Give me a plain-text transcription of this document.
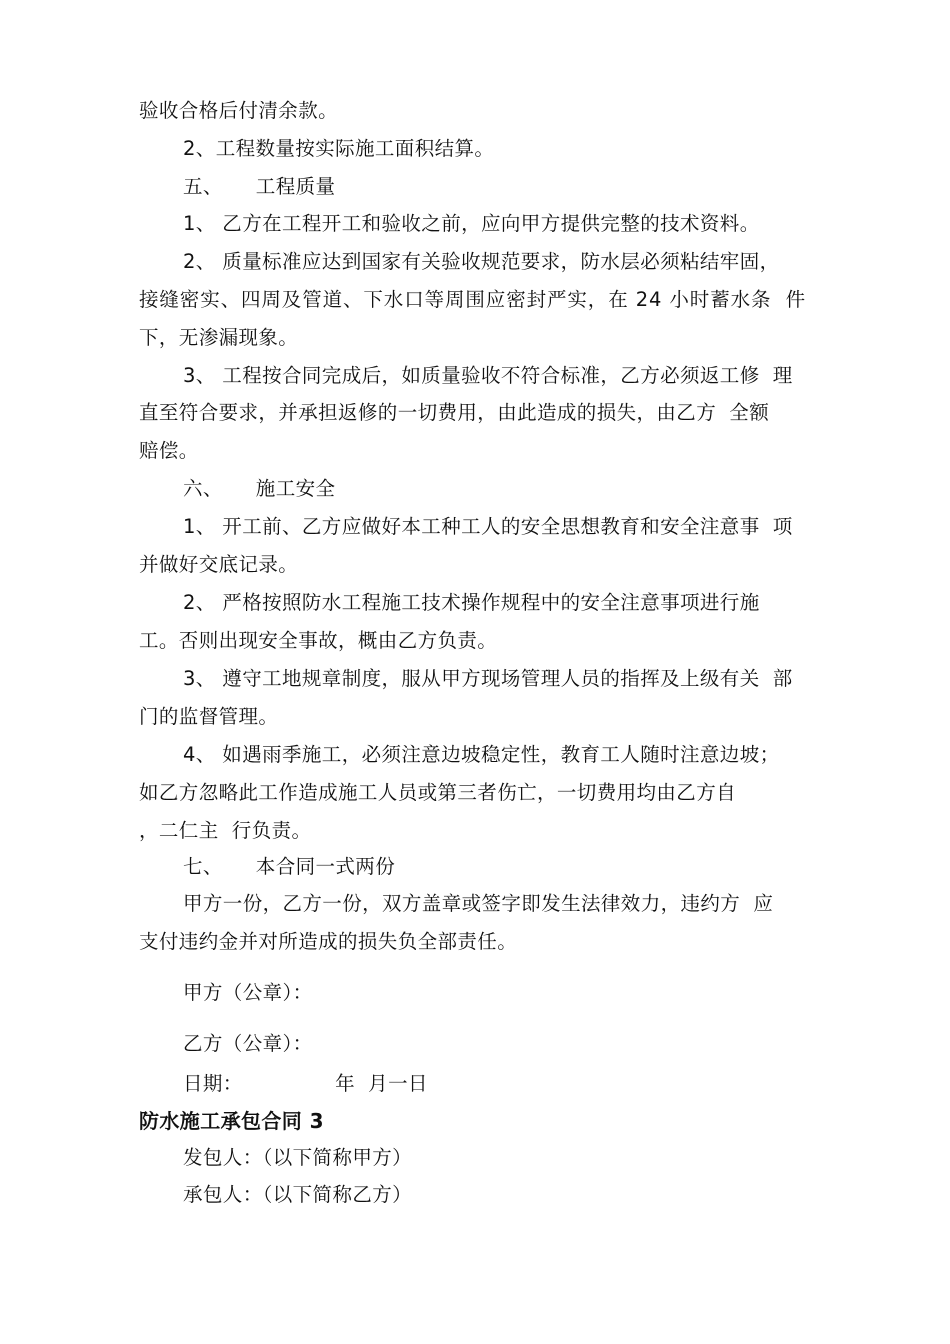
验收合格后付清余款。
2、工程数量按实际施工面积结算。
五、     工程质量
1、 乙方在工程开工和验收之前，应向甲方提供完整的技术资料。
2、 质量标准应达到国家有关验收规范要求，防水层必须粘结牢固，
接缝密实、四周及管道、下水口等周围应密封严实，在 24 小时蓄水条  件
下，无渗漏现象。
3、 工程按合同完成后，如质量验收不符合标准，乙方必须返工修  理
直至符合要求，并承担返修的一切费用，由此造成的损失，由乙方  全额
赔偿。
六、     施工安全
1、 开工前、乙方应做好本工种工人的安全思想教育和安全注意事  项
并做好交底记录。
2、 严格按照防水工程施工技术操作规程中的安全注意事项进行施
工。否则出现安全事故，概由乙方负责。
3、 遵守工地规章制度，服从甲方现场管理人员的指挥及上级有关  部
门的监督管理。
4、 如遇雨季施工，必须注意边坡稳定性，教育工人随时注意边坡；
如乙方忽略此工作造成施工人员或第三者伤亡，一切费用均由乙方自
，二仁主  行负责。
七、     本合同一式两份
甲方一份，乙方一份，双方盖章或签字即发生法律效力，违约方  应
支付违约金并对所造成的损失负全部责任。
甲方（公章）：
乙方（公章）：
日期：              年  月一日
防水施工承包合同 3
发包人：（以下简称甲方）
承包人：（以下简称乙方）
